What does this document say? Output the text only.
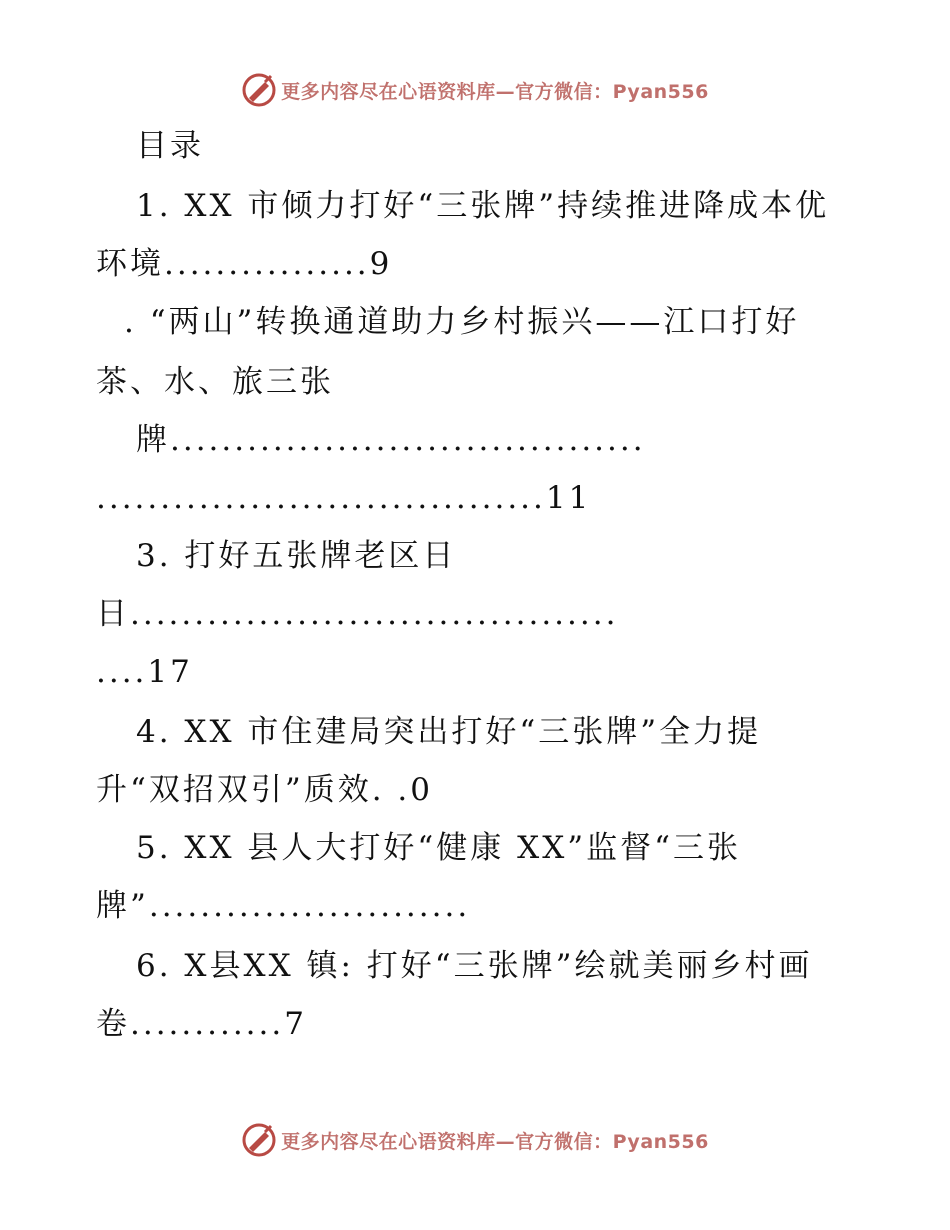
更多内容尽在心语资料库—官方微信：Pyan556
目录
1. XX 市倾力打好“三张牌”持续推进降成本优
环境................9
. “两山”转换通道助力乡村振兴——江口打好
茶、水、旅三张
牌.....................................
...................................11
3. 打好五张牌老区日
日......................................
....17
4. XX 市住建局突出打好“三张牌”全力提
升“双招双引”质效. .0
5. XX 县人大打好“健康 XX”监督“三张
牌”.........................
6. X县XX 镇: 打好“三张牌”绘就美丽乡村画
卷............7
更多内容尽在心语资料库—官方微信：Pyan556
